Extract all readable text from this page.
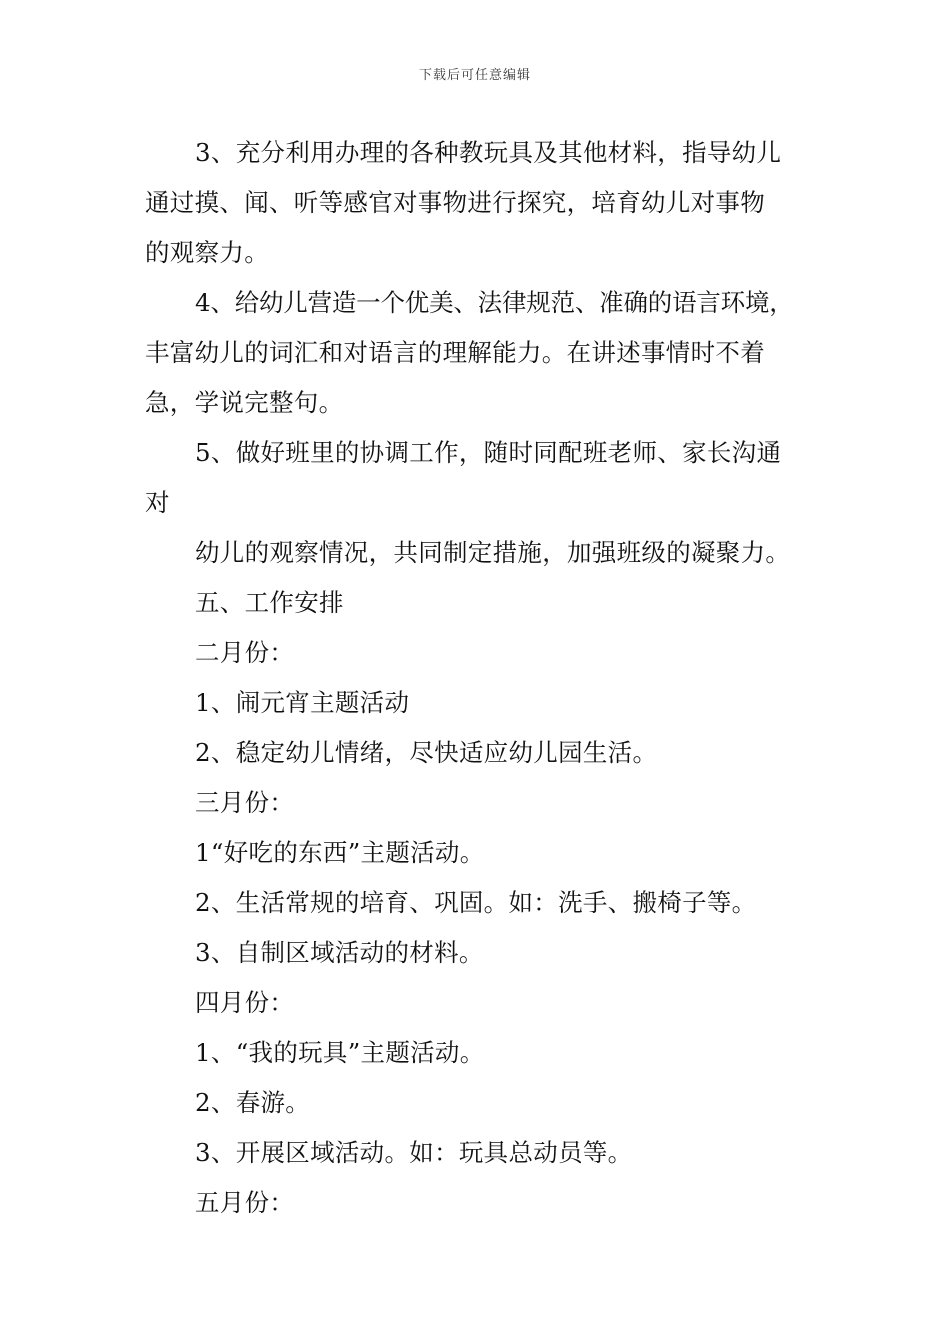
下载后可任意编辑
3、充分利用办理的各种教玩具及其他材料，指导幼儿
通过摸、闻、听等感官对事物进行探究，培育幼儿对事物
的观察力。
4、给幼儿营造一个优美、法律规范、准确的语言环境，
丰富幼儿的词汇和对语言的理解能力。在讲述事情时不着
急，学说完整句。
5、做好班里的协调工作，随时同配班老师、家长沟通
对
幼儿的观察情况，共同制定措施，加强班级的凝聚力。
五、工作安排
二月份：
1、闹元宵主题活动
2、稳定幼儿情绪，尽快适应幼儿园生活。
三月份：
1“好吃的东西”主题活动。
2、生活常规的培育、巩固。如：洗手、搬椅子等。
3、自制区域活动的材料。
四月份：
1、“我的玩具”主题活动。
2、春游。
3、开展区域活动。如：玩具总动员等。
五月份：
